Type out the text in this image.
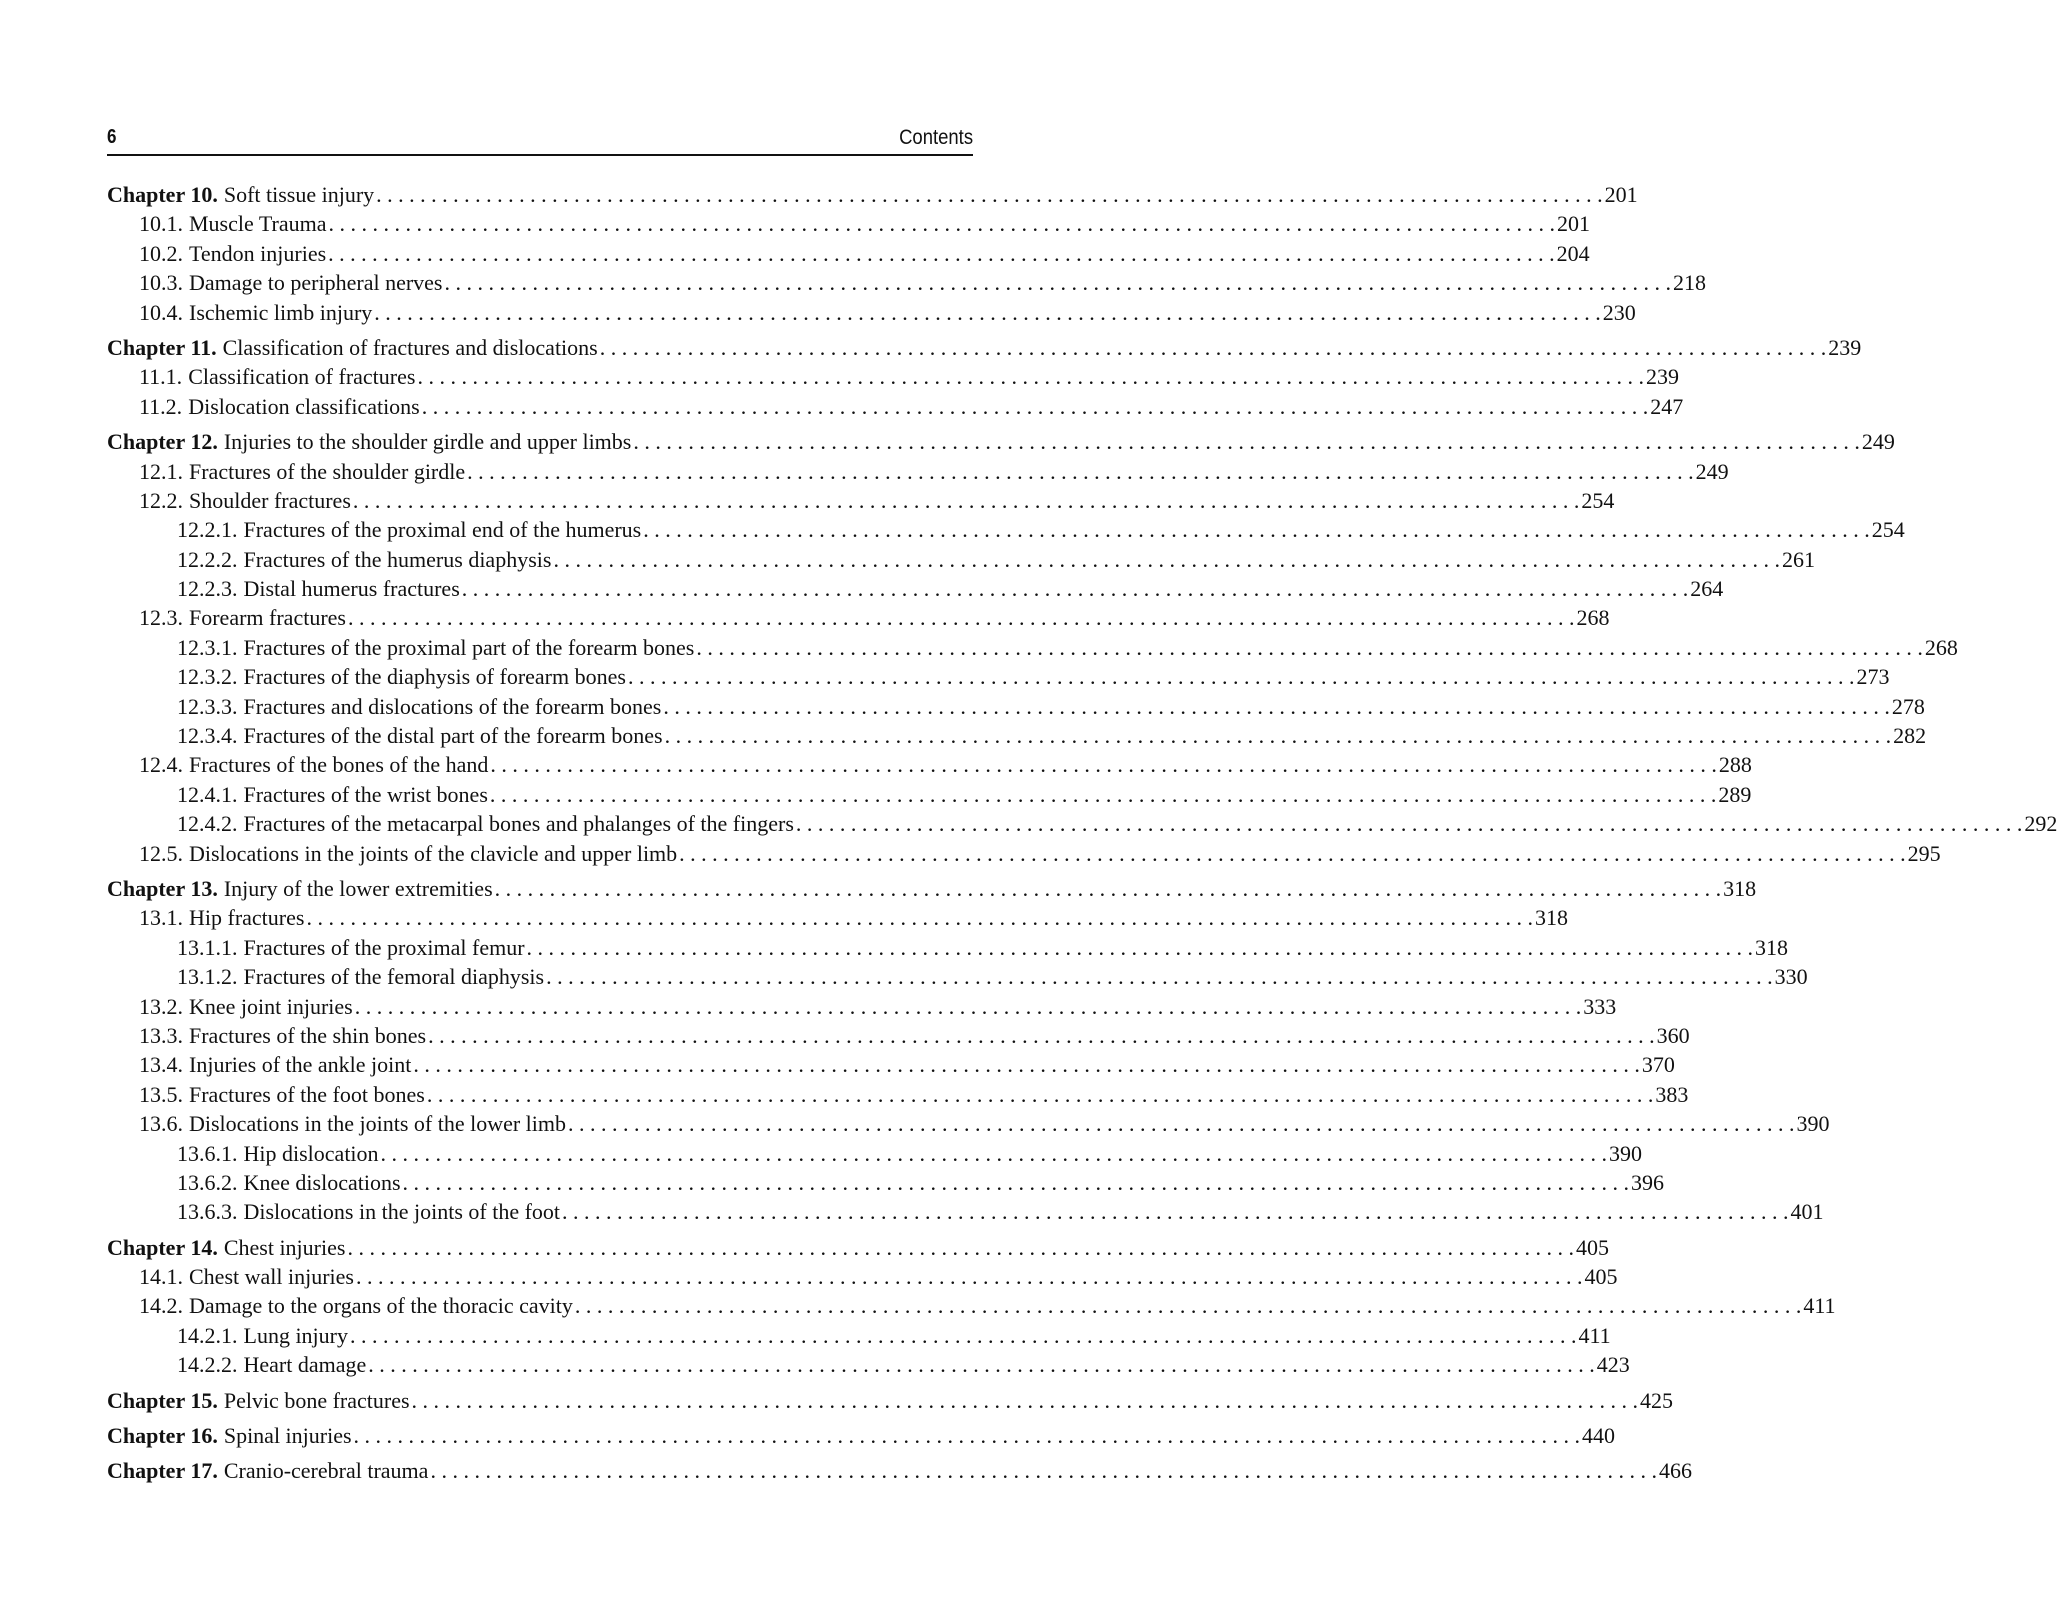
6	Contents
Chapter 10. Soft tissue injury . . .	201
10.1. Muscle Trauma . . .	201
10.2. Tendon injuries . . .	204
10.3. Damage to peripheral nerves . . .	218
10.4. Ischemic limb injury . . .	230
Chapter 11. Classification of fractures and dislocations . . .	239
11.1. Classification of fractures . . .	239
11.2. Dislocation classifications . . .	247
Chapter 12. Injuries to the shoulder girdle and upper limbs . . .	249
12.1. Fractures of the shoulder girdle . . .	249
12.2. Shoulder fractures . . .	254
12.2.1. Fractures of the proximal end of the humerus . . .	254
12.2.2. Fractures of the humerus diaphysis . . .	261
12.2.3. Distal humerus fractures . . .	264
12.3. Forearm fractures . . .	268
12.3.1. Fractures of the proximal part of the forearm bones . . .	268
12.3.2. Fractures of the diaphysis of forearm bones . . .	273
12.3.3. Fractures and dislocations of the forearm bones . . .	278
12.3.4. Fractures of the distal part of the forearm bones . . .	282
12.4. Fractures of the bones of the hand . . .	288
12.4.1. Fractures of the wrist bones . . .	289
12.4.2. Fractures of the metacarpal bones and phalanges of the fingers . . .	292
12.5. Dislocations in the joints of the clavicle and upper limb . . .	295
Chapter 13. Injury of the lower extremities . . .	318
13.1. Hip fractures . . .	318
13.1.1. Fractures of the proximal femur . . .	318
13.1.2. Fractures of the femoral diaphysis . . .	330
13.2. Knee joint injuries . . .	333
13.3. Fractures of the shin bones . . .	360
13.4. Injuries of the ankle joint . . .	370
13.5. Fractures of the foot bones . . .	383
13.6. Dislocations in the joints of the lower limb . . .	390
13.6.1. Hip dislocation . . .	390
13.6.2. Knee dislocations . . .	396
13.6.3. Dislocations in the joints of the foot . . .	401
Chapter 14. Chest injuries . . .	405
14.1. Chest wall injuries . . .	405
14.2. Damage to the organs of the thoracic cavity . . .	411
14.2.1. Lung injury . . .	411
14.2.2. Heart damage . . .	423
Chapter 15. Pelvic bone fractures . . .	425
Chapter 16. Spinal injuries . . .	440
Chapter 17. Cranio-cerebral trauma . . .	466
